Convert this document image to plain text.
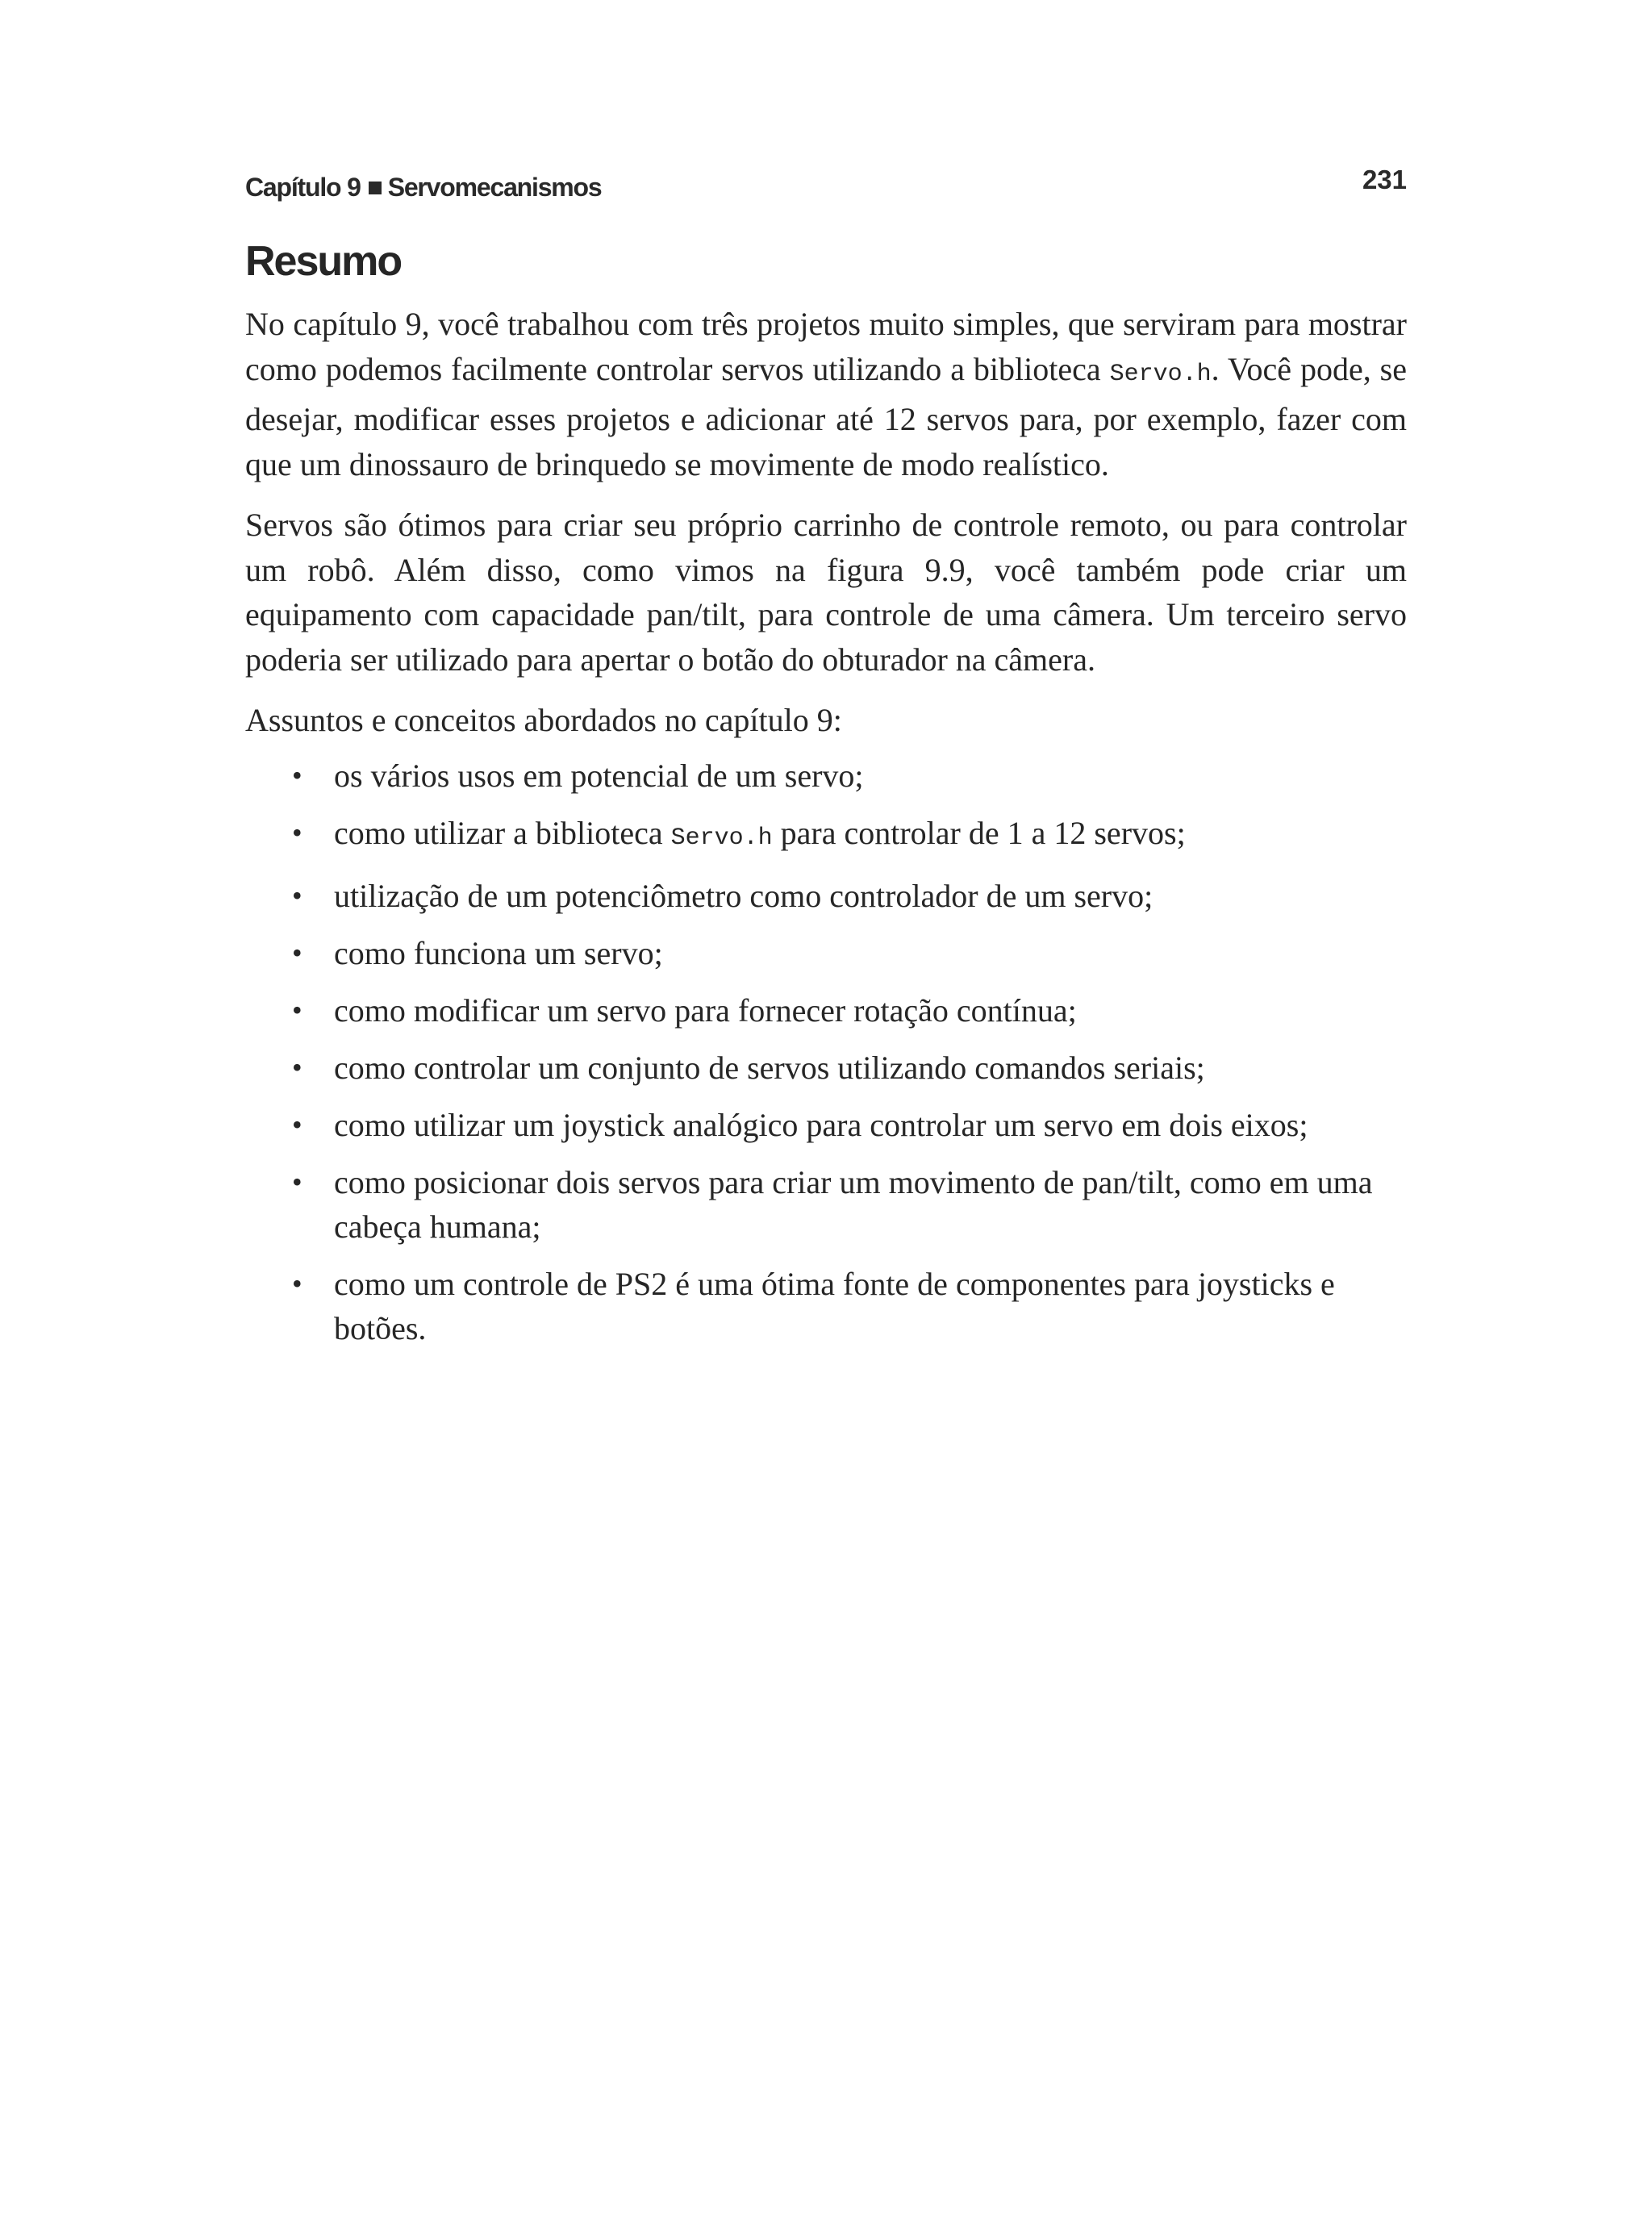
Capítulo 9 Servomecanismos	231
Resumo

No capítulo 9, você trabalhou com três projetos muito simples, que serviram para mostrar como podemos facilmente controlar servos utilizando a biblioteca Servo.h. Você pode, se desejar, modificar esses projetos e adicionar até 12 servos para, por exemplo, fazer com que um dinossauro de brinquedo se movimente de modo realístico.

Servos são ótimos para criar seu próprio carrinho de controle remoto, ou para controlar um robô. Além disso, como vimos na figura 9.9, você também pode criar um equipamento com capacidade pan/tilt, para controle de uma câmera. Um terceiro servo poderia ser utilizado para apertar o botão do obturador na câmera.

Assuntos e conceitos abordados no capítulo 9:

• os vários usos em potencial de um servo;
• como utilizar a biblioteca Servo.h para controlar de 1 a 12 servos;
• utilização de um potenciômetro como controlador de um servo;
• como funciona um servo;
• como modificar um servo para fornecer rotação contínua;
• como controlar um conjunto de servos utilizando comandos seriais;
• como utilizar um joystick analógico para controlar um servo em dois eixos;
• como posicionar dois servos para criar um movimento de pan/tilt, como em uma cabeça humana;
• como um controle de PS2 é uma ótima fonte de componentes para joysticks e botões.
